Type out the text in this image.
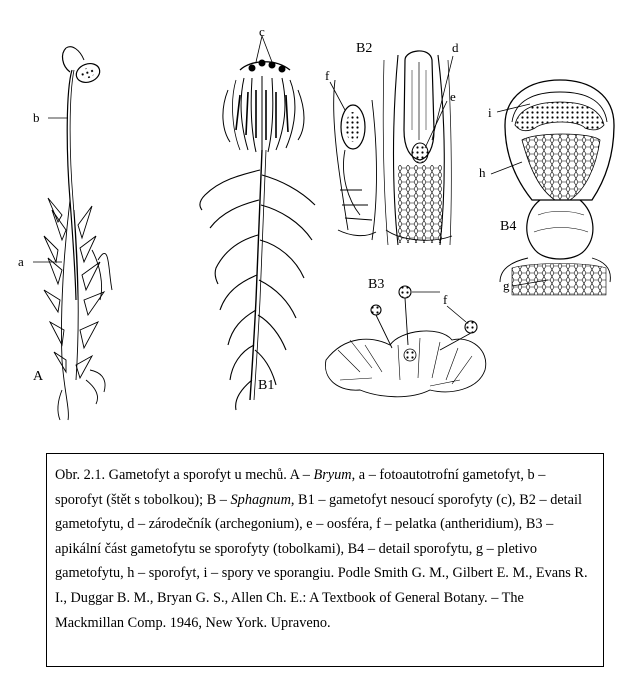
b
a
A
c
B1
B2
f
d
e
B3
f
i
h
B4
g

Obr. 2.1. Gametofyt a sporofyt u mechů. A – Bryum, a – fotoautotrofní gametofyt, b – sporofyt (štět s tobolkou); B – Sphagnum, B1 – gametofyt nesoucí sporofyty (c), B2 – detail gametofytu, d – zárodečník (archegonium), e – oosféra, f – pelatka (antheridium), B3 – apikální část gametofytu se sporofyty (tobolkami), B4 – detail sporofytu, g – pletivo gametofytu, h – sporofyt, i – spory ve sporangiu. Podle Smith G. M., Gilbert E. M., Evans R. I., Duggar B. M., Bryan G. S., Allen Ch. E.: A Textbook of General Botany. – The Mackmillan Comp. 1946, New York. Upraveno.
